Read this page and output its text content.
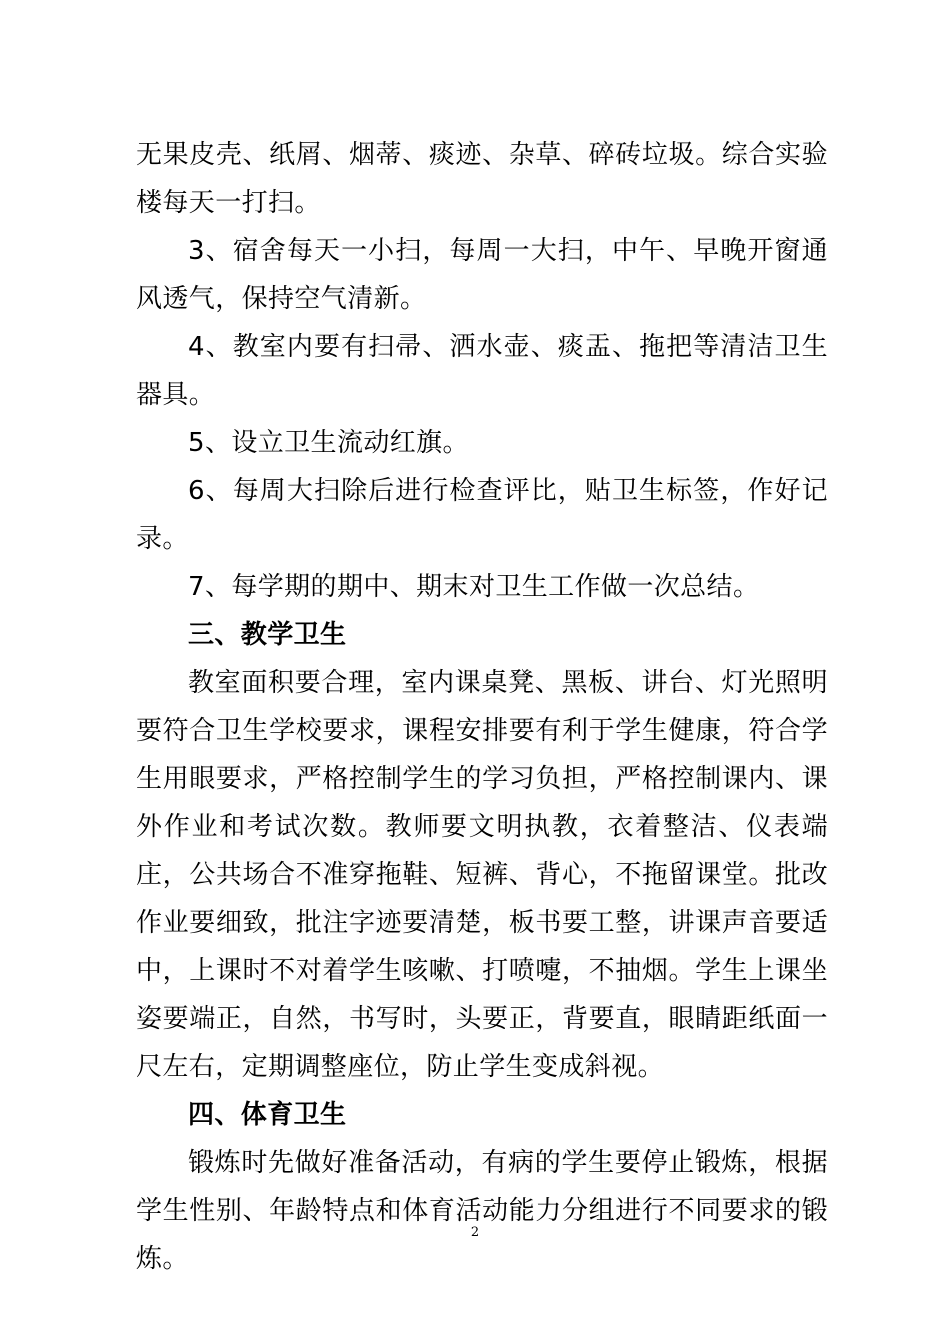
无果皮壳、纸屑、烟蒂、痰迹、杂草、碎砖垃圾。综合实验楼每天一打扫。

3、宿舍每天一小扫，每周一大扫，中午、早晚开窗通风透气，保持空气清新。

4、教室内要有扫帚、洒水壶、痰盂、拖把等清洁卫生器具。

5、设立卫生流动红旗。

6、每周大扫除后进行检查评比，贴卫生标签，作好记录。

7、每学期的期中、期末对卫生工作做一次总结。

三、教学卫生

教室面积要合理，室内课桌凳、黑板、讲台、灯光照明要符合卫生学校要求，课程安排要有利于学生健康，符合学生用眼要求，严格控制学生的学习负担，严格控制课内、课外作业和考试次数。教师要文明执教，衣着整洁、仪表端庄，公共场合不准穿拖鞋、短裤、背心，不拖留课堂。批改作业要细致，批注字迹要清楚，板书要工整，讲课声音要适中，上课时不对着学生咳嗽、打喷嚏，不抽烟。学生上课坐姿要端正，自然，书写时，头要正，背要直，眼睛距纸面一尺左右，定期调整座位，防止学生变成斜视。

四、体育卫生

锻炼时先做好准备活动，有病的学生要停止锻炼，根据学生性别、年龄特点和体育活动能力分组进行不同要求的锻炼。

2
